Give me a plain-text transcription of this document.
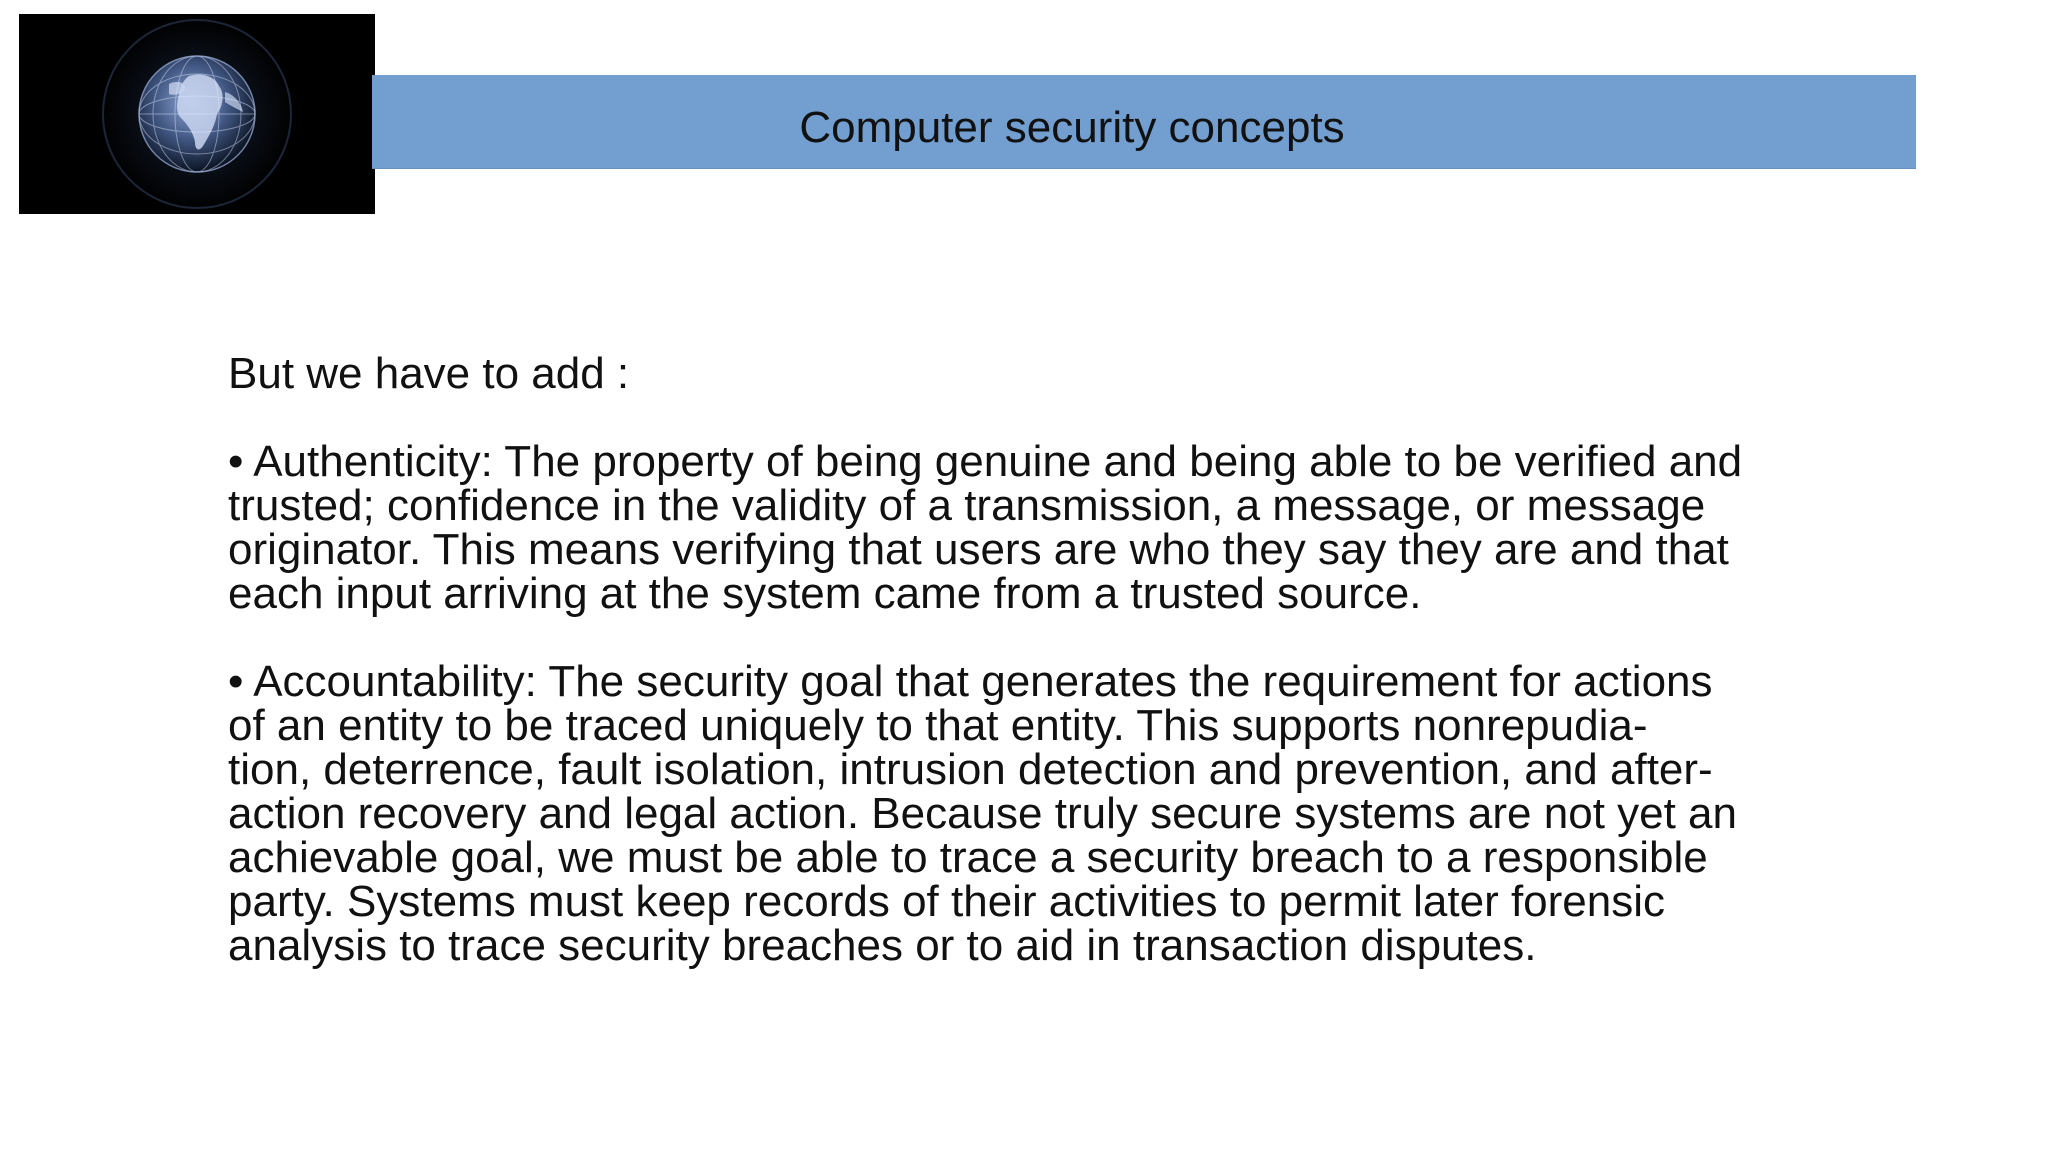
Computer security concepts

But we have to add :

• Authenticity: The property of being genuine and being able to be verified and

trusted; confidence in the validity of a transmission, a message, or message

originator. This means verifying that users are who they say they are and that

each input arriving at the system came from a trusted source.

• Accountability: The security goal that generates the requirement for actions

of an entity to be traced uniquely to that entity. This supports nonrepudia-

tion, deterrence, fault isolation, intrusion detection and prevention, and after-

action recovery and legal action. Because truly secure systems are not yet an

achievable goal, we must be able to trace a security breach to a responsible

party. Systems must keep records of their activities to permit later forensic

analysis to trace security breaches or to aid in transaction disputes.
